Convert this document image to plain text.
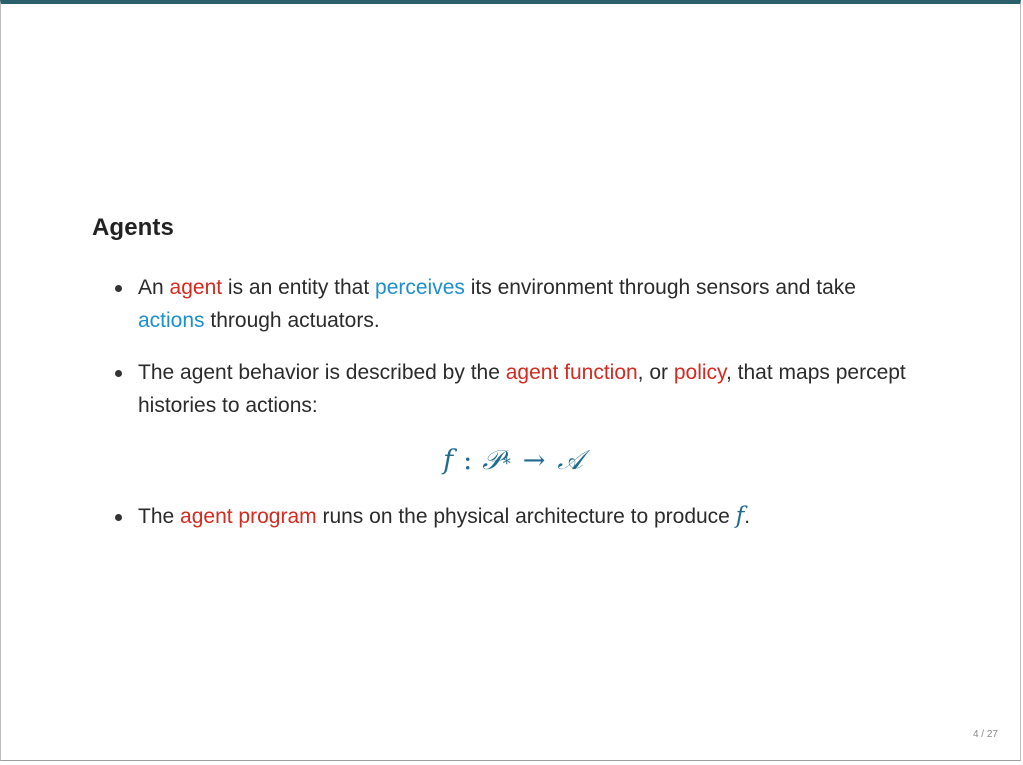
Agents
An agent is an entity that perceives its environment through sensors and take actions through actuators.
The agent behavior is described by the agent function, or policy, that maps percept histories to actions:
f : 𝒫 * → 𝒜
The agent program runs on the physical architecture to produce f.
4 / 27
